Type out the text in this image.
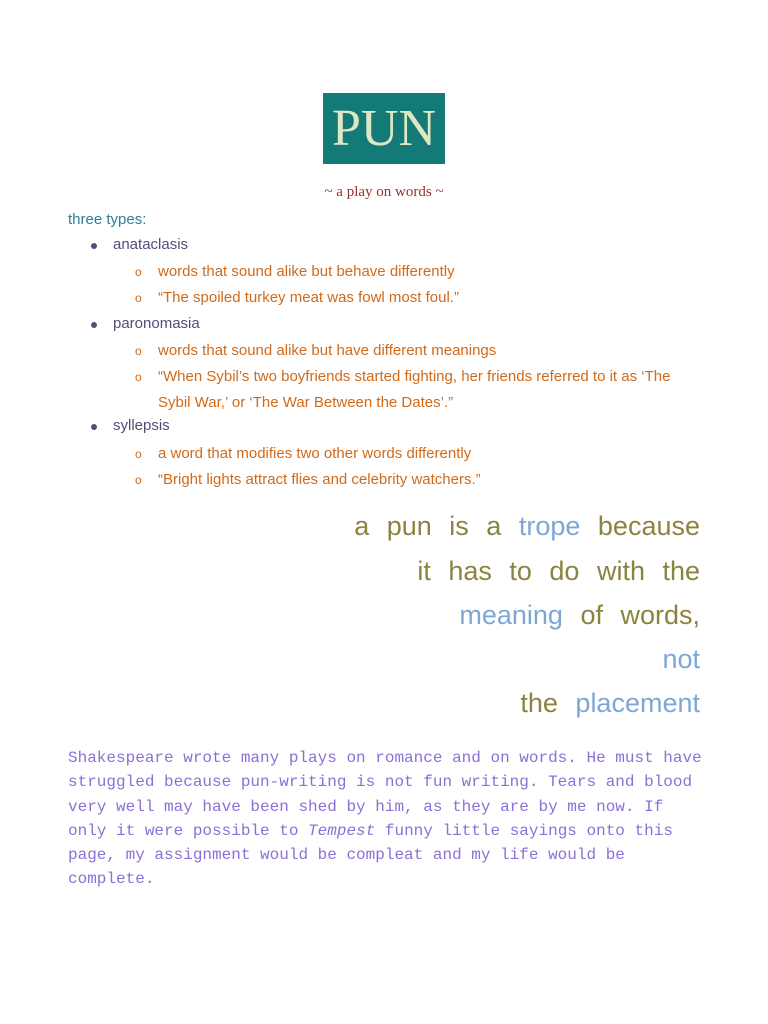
PUN
~ a play on words ~
three types:
anataclasis
o words that sound alike but behave differently
o “The spoiled turkey meat was fowl most foul.”
paronomasia
o words that sound alike but have different meanings
o “When Sybil’s two boyfriends started fighting, her friends referred to it as ‘The Sybil War,’ or ‘The War Between the Dates’.”
syllepsis
o a word that modifies two other words differently
o “Bright lights attract flies and celebrity watchers.”
a pun is a trope because
it has to do with the
meaning of words,
not
the placement
Shakespeare wrote many plays on romance and on words. He must have struggled because pun-writing is not fun writing. Tears and blood very well may have been shed by him, as they are by me now. If only it were possible to Tempest funny little sayings onto this page, my assignment would be compleat and my life would be complete.
